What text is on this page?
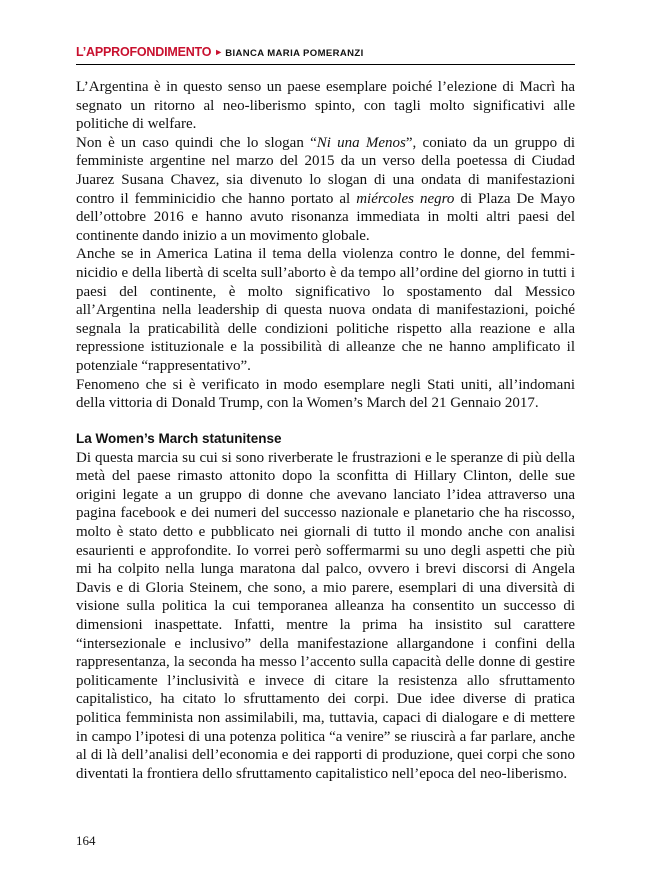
L’APPROFONDIMENTO ► BIANCA MARIA POMERANZI

L’Argentina è in questo senso un paese esemplare poiché l’elezione di Macrì ha segnato un ritorno al neo-liberismo spinto, con tagli molto significativi alle politiche di welfare.

Non è un caso quindi che lo slogan “Ni una Menos”, coniato da un gruppo di femministe argentine nel marzo del 2015 da un verso della poetessa di Ciudad Juarez Susana Chavez, sia divenuto lo slogan di una ondata di manifestazioni contro il femminicidio che hanno portato al miércoles negro di Plaza De Mayo dell’ottobre 2016 e hanno avuto risonanza immediata in molti altri paesi del continente dando inizio a un movimento globale.

Anche se in America Latina il tema della violenza contro le donne, del femminicidio e della libertà di scelta sull’aborto è da tempo all’ordine del giorno in tutti i paesi del continente, è molto significativo lo spostamento dal Messico all’Argentina nella leadership di questa nuova ondata di manifestazioni, poiché segnala la praticabilità delle condizioni politiche rispetto alla reazione e alla repressione istituzionale e la possibilità di alleanze che ne hanno amplificato il potenziale “rappresentativo”.

Fenomeno che si è verificato in modo esemplare negli Stati uniti, all’indomani della vittoria di Donald Trump, con la Women’s March del 21 Gennaio 2017.

La Women’s March statunitense

Di questa marcia su cui si sono riverberate le frustrazioni e le speranze di più della metà del paese rimasto attonito dopo la sconfitta di Hillary Clinton, delle sue origini legate a un gruppo di donne che avevano lanciato l’idea attraverso una pagina facebook e dei numeri del successo nazionale e planetario che ha riscosso, molto è stato detto e pubblicato nei giornali di tutto il mondo anche con analisi esaurienti e approfondite. Io vorrei però soffermarmi su uno degli aspetti che più mi ha colpito nella lunga maratona dal palco, ovvero i brevi discorsi di Angela Davis e di Gloria Steinem, che sono, a mio parere, esemplari di una diversità di visione sulla politica la cui temporanea alleanza ha consentito un successo di dimensioni inaspettate. Infatti, mentre la prima ha insistito sul carattere “intersezionale e inclusivo” della manifestazione allargandone i confini della rappresentanza, la seconda ha messo l’accento sulla capacità delle donne di gestire politicamente l’inclusività e invece di citare la resistenza allo sfruttamento capitalistico, ha citato lo sfruttamento dei corpi. Due idee diverse di pratica politica femminista non assimilabili, ma, tuttavia, capaci di dialogare e di mettere in campo l’ipotesi di una potenza politica “a venire” se riuscirà a far parlare, anche al di là dell’analisi dell’economia e dei rapporti di produzione, quei corpi che sono diventati la frontiera dello sfruttamento capitalistico nell’epoca del neo-liberismo.

164
